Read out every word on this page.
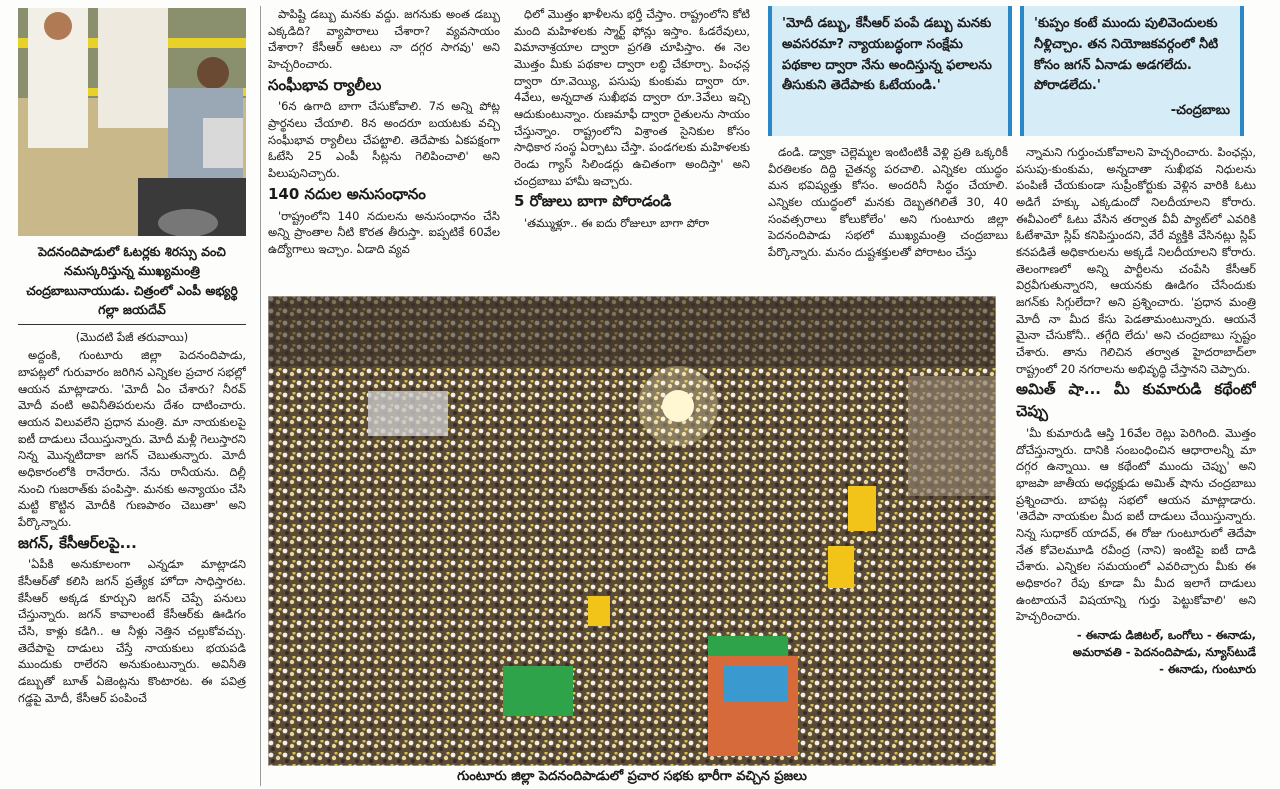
పెదనందిపాడులో ఓటర్లకు శిరస్సు వంచి నమస్కరిస్తున్న ముఖ్యమంత్రి చంద్రబాబునాయుడు. చిత్రంలో ఎంపీ అభ్యర్థి గల్లా జయదేవ్

(మొదటి పేజీ తరువాయి)

అద్దంకి, గుంటూరు జిల్లా పెదనందిపాడు, బాపట్లలో గురువారం జరిగిన ఎన్నికల ప్రచార సభల్లో ఆయన మాట్లాడారు. 'మోదీ ఏం చేశారు? నీరవ్ మోదీ వంటి అవినీతిపరులను దేశం దాటించారు. ఆయన విలువలేని ప్రధాన మంత్రి. మా నాయకులపై ఐటీ దాడులు చేయిస్తున్నారు. మోదీ మళ్లీ గెలుస్తారని నిన్న మొన్నటిదాకా జగన్ చెబుతున్నారు. మోదీ అధికారంలోకి రానేరారు. నేను రానీయను. దిల్లీ నుంచి గుజరాత్‌కు పంపిస్తా. మనకు అన్యాయం చేసి మట్టి కొట్టిన మోదీకి గుణపాఠం చెబుతా' అని పేర్కొన్నారు.

జగన్, కేసీఆర్‌లపై...

'ఏపీకి అనుకూలంగా ఎన్నడూ మాట్లాడని కేసీఆర్‌తో కలిసి జగన్ ప్రత్యేక హోదా సాధిస్తారట. కేసీఆర్ అక్కడ కూర్చుని జగన్ చెప్పే పనులు చేస్తున్నారు. జగన్ కావాలంటే కేసీఆర్‌కు ఊడిగం చేసి, కాళ్లు కడిగి.. ఆ నీళ్లు నెత్తిన చల్లుకోవచ్చు. తెదేపాపై దాడులు చేస్తే నాయకులు భయపడి ముందుకు రాలేరని అనుకుంటున్నారు. అవినీతి డబ్బుతో బూత్ ఏజెంట్లను కొంటారట. ఈ పవిత్ర గడ్డపై మోదీ, కేసీఆర్ పంపించే

పాపిష్టి డబ్బు మనకు వద్దు. జగనుకు అంత డబ్బు ఎక్కడిది? వ్యాపారాలు చేశారా? వ్యవసాయం చేశారా? కేసీఆర్ ఆటలు నా దగ్గర సాగవు' అని హెచ్చరించారు.

సంఘీభావ ర్యాలీలు

'6న ఉగాది బాగా చేసుకోవాలి. 7న అన్ని పోట్ల ప్రార్థనలు చేయాలి. 8న అందరూ బయటకు వచ్చి సంఘీభావ ర్యాలీలు చేపట్టాలి. తెదేపాకు ఏకపక్షంగా ఓటేసి 25 ఎంపీ సీట్లను గెలిపించాలి' అని పిలుపునిచ్చారు.

140 నదుల అనుసంధానం

'రాష్ట్రంలోని 140 నదులను అనుసంధానం చేసి అన్ని ప్రాంతాల నీటి కొరత తీరుస్తా. ఐప్పటికే 60వేల ఉద్యోగాలు ఇచ్చాం. ఏడాది వ్యవ

ధిలో మొత్తం ఖాళీలను భర్తీ చేస్తాం. రాష్ట్రంలోని కోటి మంది మహిళలకు స్మార్ట్ ఫోన్లు ఇస్తాం. ఓడరేవులు, విమానాశ్రయాల ద్వారా ప్రగతి చూపిస్తాం. ఈ నెల మొత్తం మీకు పథకాల ద్వారా లబ్ధి చేకూర్చా. పింఛన్ల ద్వారా రూ.వెయ్యి, పసుపు కుంకుమ ద్వారా రూ. 4వేలు, అన్నదాత సుఖీభవ ద్వారా రూ.3వేలు ఇచ్చి ఆదుకుంటున్నాం. రుణమాఫీ ద్వారా రైతులను సాయం చేస్తున్నాం. రాష్ట్రంలోని విశ్రాంత సైనికుల కోసం సాధికార సంస్థ ఏర్పాటు చేస్తా. పండగలకు మహిళలకు రెండు గ్యాస్ సిలిండర్లు ఉచితంగా అందిస్తా' అని చంద్రబాబు హామీ ఇచ్చారు.

5 రోజులు బాగా పోరాడండి

'తమ్ముళ్లూ.. ఈ ఐదు రోజులూ బాగా పోరా

'మోదీ డబ్బు, కేసీఆర్ పంపే డబ్బు మనకు అవసరమా? న్యాయబద్ధంగా సంక్షేమ పథకాల ద్వారా నేను అందిస్తున్న ఫలాలను తీసుకుని తెదేపాకు ఓటేయండి.'
'కుప్పం కంటే ముందు పులివెందులకు నీళ్లిచ్చాం. తన నియోజకవర్గంలో నీటి కోసం జగన్ ఏనాడు అడగలేదు. పోరాడలేదు.'
-చంద్రబాబు

డండి. డ్వాక్రా చెల్లెమ్మల ఇంటింటికీ వెళ్లి ప్రతి ఒక్కరికీ వీరతిలకం దిద్ది చైతన్య పరచాలి. ఎన్నికల యుద్ధం మన భవిష్యత్తు కోసం. అందరినీ సిద్ధం చేయాలి. ఎన్నికల యుద్ధంలో మనకు దెబ్బతగిలితే 30, 40 సంవత్సరాలు కోలుకోలేం' అని గుంటూరు జిల్లా పెదనందిపాడు సభలో ముఖ్యమంత్రి చంద్రబాబు పేర్కొన్నారు. మనం దుష్టశక్తులతో పోరాటం చేస్తు

న్నామని గుర్తుంచుకోవాలని హెచ్చరించారు. పింఛన్లు, పసుపు-కుంకుమ, అన్నదాతా సుఖీభవ నిధులను పంపిణీ చేయకుండా సుప్రీంకోర్టుకు వెళ్లిన వారికి ఓటు అడిగే హక్కు ఎక్కడుందో నిలదీయాలని కోరారు. ఈవీఎంలో ఓటు వేసిన తర్వాత వీవీ ప్యాట్‌లో ఎవరికి ఓటేశామో స్లిప్ కనిపిస్తుందని, వేరే వ్యక్తికి వేసినట్లు స్లిప్ కనపడితే అధికారులను అక్కడే నిలదీయాలని కోరారు. తెలంగాణలో అన్ని పార్టీలను చంపేసి కేసీఆర్ విర్రవీగుతున్నారని, ఆయనకు ఊడిగం చేసేందుకు జగన్‌కు సిగ్గులేదా? అని ప్రశ్నించారు. 'ప్రధాన మంత్రి మోదీ నా మీద కేసు పెడతామంటున్నారు. ఆయనే మైనా చేసుకోనీ.. తగ్గేది లేదు' అని చంద్రబాబు స్పష్టం చేశారు. తాను గెలిచిన తర్వాత హైదరాబాద్‌లా రాష్ట్రంలో 20 నగరాలను అభివృద్ధి చేస్తానని చెప్పారు.

అమిత్ షా... మీ కుమారుడి కథేంటో చెప్పు

'మీ కుమారుడి ఆస్తి 16వేల రెట్లు పెరిగింది. మొత్తం దోచేస్తున్నారు. దానికి సంబంధించిన ఆధారాలన్నీ మా దగ్గర ఉన్నాయి. ఆ కథేంటో ముందు చెప్పు' అని భాజపా జాతీయ అధ్యక్షుడు అమిత్ షాను చంద్రబాబు ప్రశ్నించారు. బాపట్ల సభలో ఆయన మాట్లాడారు. 'తెదేపా నాయకుల మీద ఐటీ దాడులు చేయిస్తున్నారు. నిన్న సుధాకర్ యాదవ్, ఈ రోజు గుంటూరులో తెదేపా నేత కోవెలమూడి రవీంద్ర (నాని) ఇంటిపై ఐటీ దాడి చేశారు. ఎన్నికల సమయంలో ఎవరిచ్చారు మీకు ఈ అధికారం? రేపు కూడా మీ మీద ఇలాగే దాడులు ఉంటాయనే విషయాన్ని గుర్తు పెట్టుకోవాలి' అని హెచ్చరించారు.

- ఈనాడు డిజిటల్, ఒంగోలు - ఈనాడు,
అమరావతి - పెదనందిపాడు, న్యూస్‌టుడే
- ఈనాడు, గుంటూరు
గుంటూరు జిల్లా పెదనందిపాడులో ప్రచార సభకు భారీగా వచ్చిన ప్రజలు
